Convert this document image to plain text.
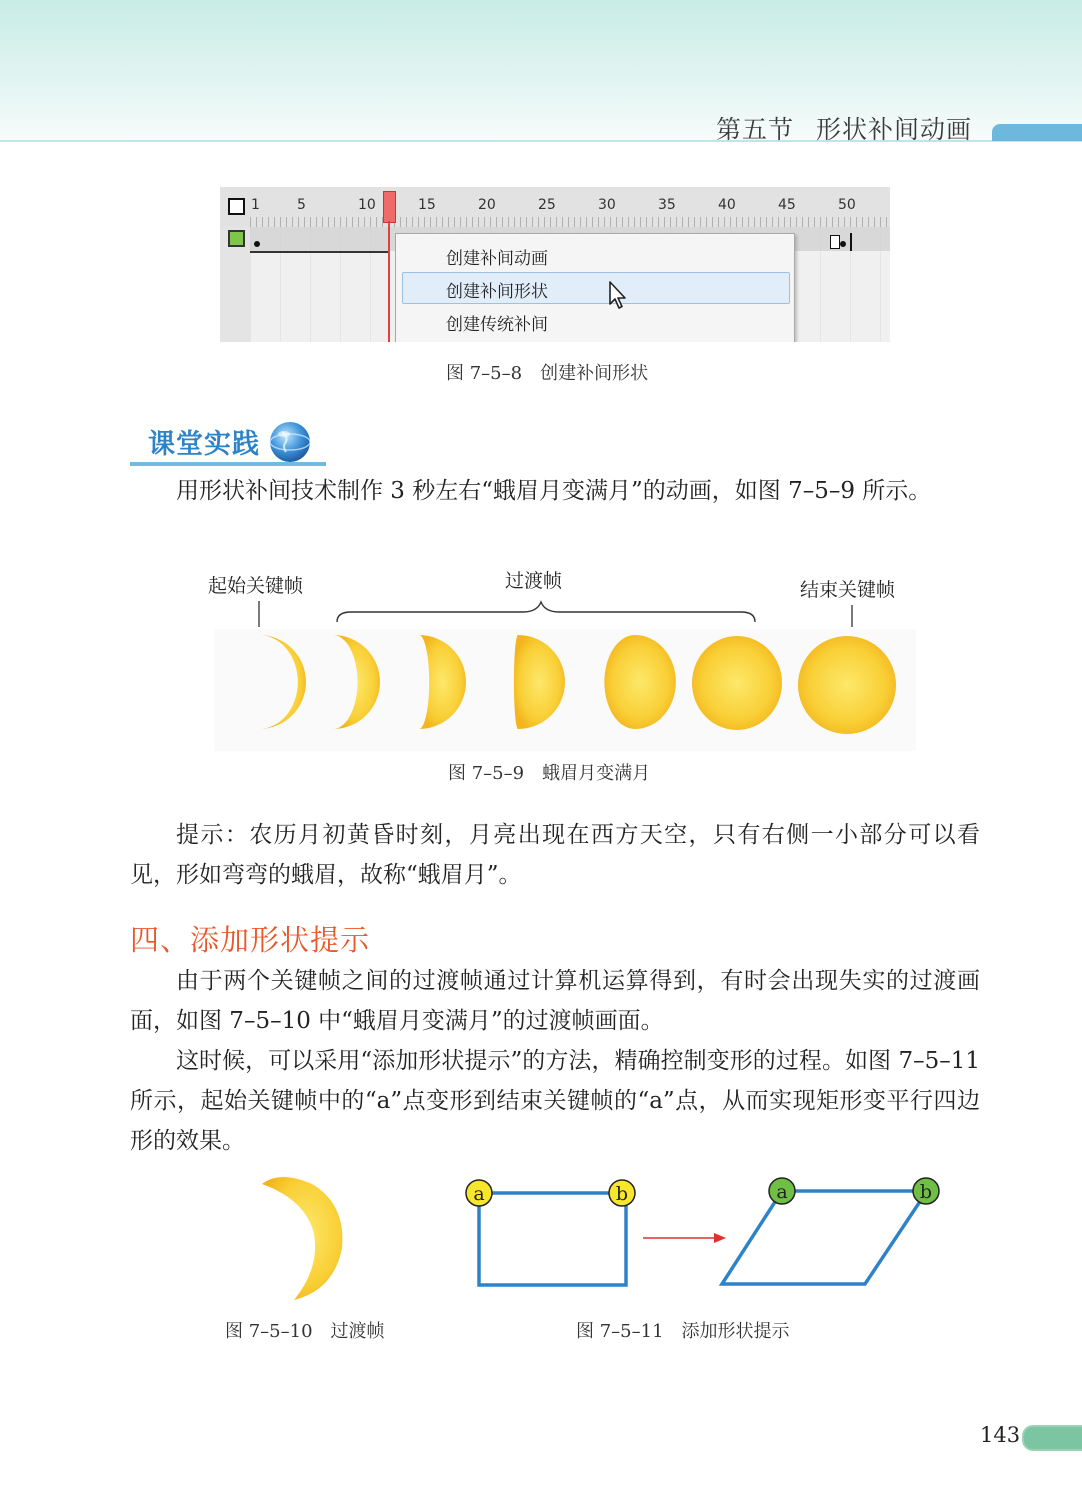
第五节 形状补间动画
1	5	10	15	20	25	30	35	40	45	50
创建补间动画
创建补间形状
创建传统补间
图 7–5–8　创建补间形状
课堂实践
用形状补间技术制作 3 秒左右“蛾眉月变满月”的动画，如图 7–5–9 所示。
起始关键帧	过渡帧	结束关键帧
图 7–5–9　蛾眉月变满月
提示：农历月初黄昏时刻，月亮出现在西方天空，只有右侧一小部分可以看见，形如弯弯的蛾眉，故称“蛾眉月”。
四、添加形状提示
由于两个关键帧之间的过渡帧通过计算机运算得到，有时会出现失实的过渡画面，如图 7–5–10 中“蛾眉月变满月”的过渡帧画面。
这时候，可以采用“添加形状提示”的方法，精确控制变形的过程。如图 7–5–11 所示，起始关键帧中的“a”点变形到结束关键帧的“a”点，从而实现矩形变平行四边形的效果。
图 7–5–10　过渡帧
a	b	a	b
图 7–5–11　添加形状提示
143
